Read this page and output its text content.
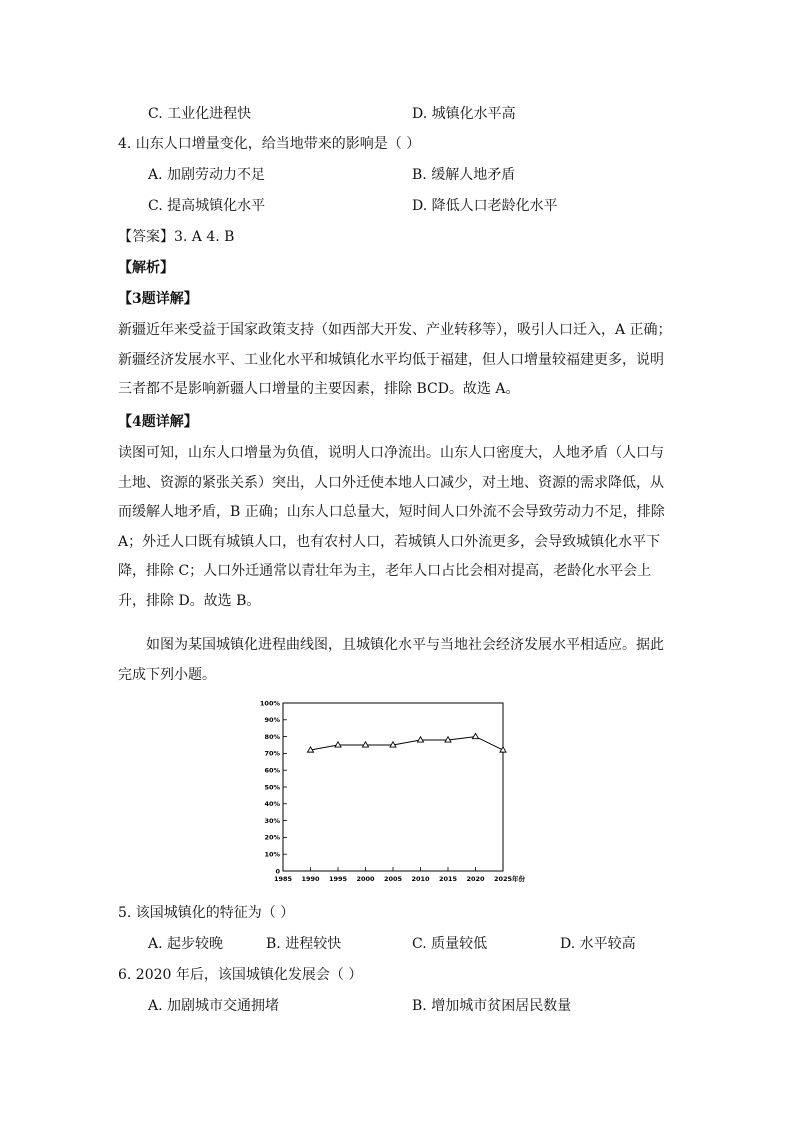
C. 工业化进程快	D. 城镇化水平高
4. 山东人口增量变化，给当地带来的影响是（ ）
A. 加剧劳动力不足	B. 缓解人地矛盾
C. 提高城镇化水平	D. 降低人口老龄化水平
【答案】3. A 4. B
【解析】
【3题详解】
新疆近年来受益于国家政策支持（如西部大开发、产业转移等），吸引人口迁入，A 正确；新疆经济发展水平、工业化水平和城镇化水平均低于福建，但人口增量较福建更多，说明三者都不是影响新疆人口增量的主要因素，排除 BCD。故选 A。
【4题详解】
读图可知，山东人口增量为负值，说明人口净流出。山东人口密度大，人地矛盾（人口与土地、资源的紧张关系）突出，人口外迁使本地人口减少，对土地、资源的需求降低，从而缓解人地矛盾，B 正确；山东人口总量大，短时间人口外流不会导致劳动力不足，排除 A；外迁人口既有城镇人口，也有农村人口，若城镇人口外流更多，会导致城镇化水平下降，排除 C；人口外迁通常以青壮年为主，老年人口占比会相对提高，老龄化水平会上升，排除 D。故选 B。
如图为某国城镇化进程曲线图，且城镇化水平与当地社会经济发展水平相适应。据此完成下列小题。
0
10%
20%
30%
40%
50%
60%
70%
80%
90%
100%
1985 1990 1995 2000 2005 2010 2015 2020 2025 年份
5. 该国城镇化的特征为（ ）
A. 起步较晚	B. 进程较快	C. 质量较低	D. 水平较高
6. 2020 年后，该国城镇化发展会（ ）
A. 加剧城市交通拥堵	B. 增加城市贫困居民数量
